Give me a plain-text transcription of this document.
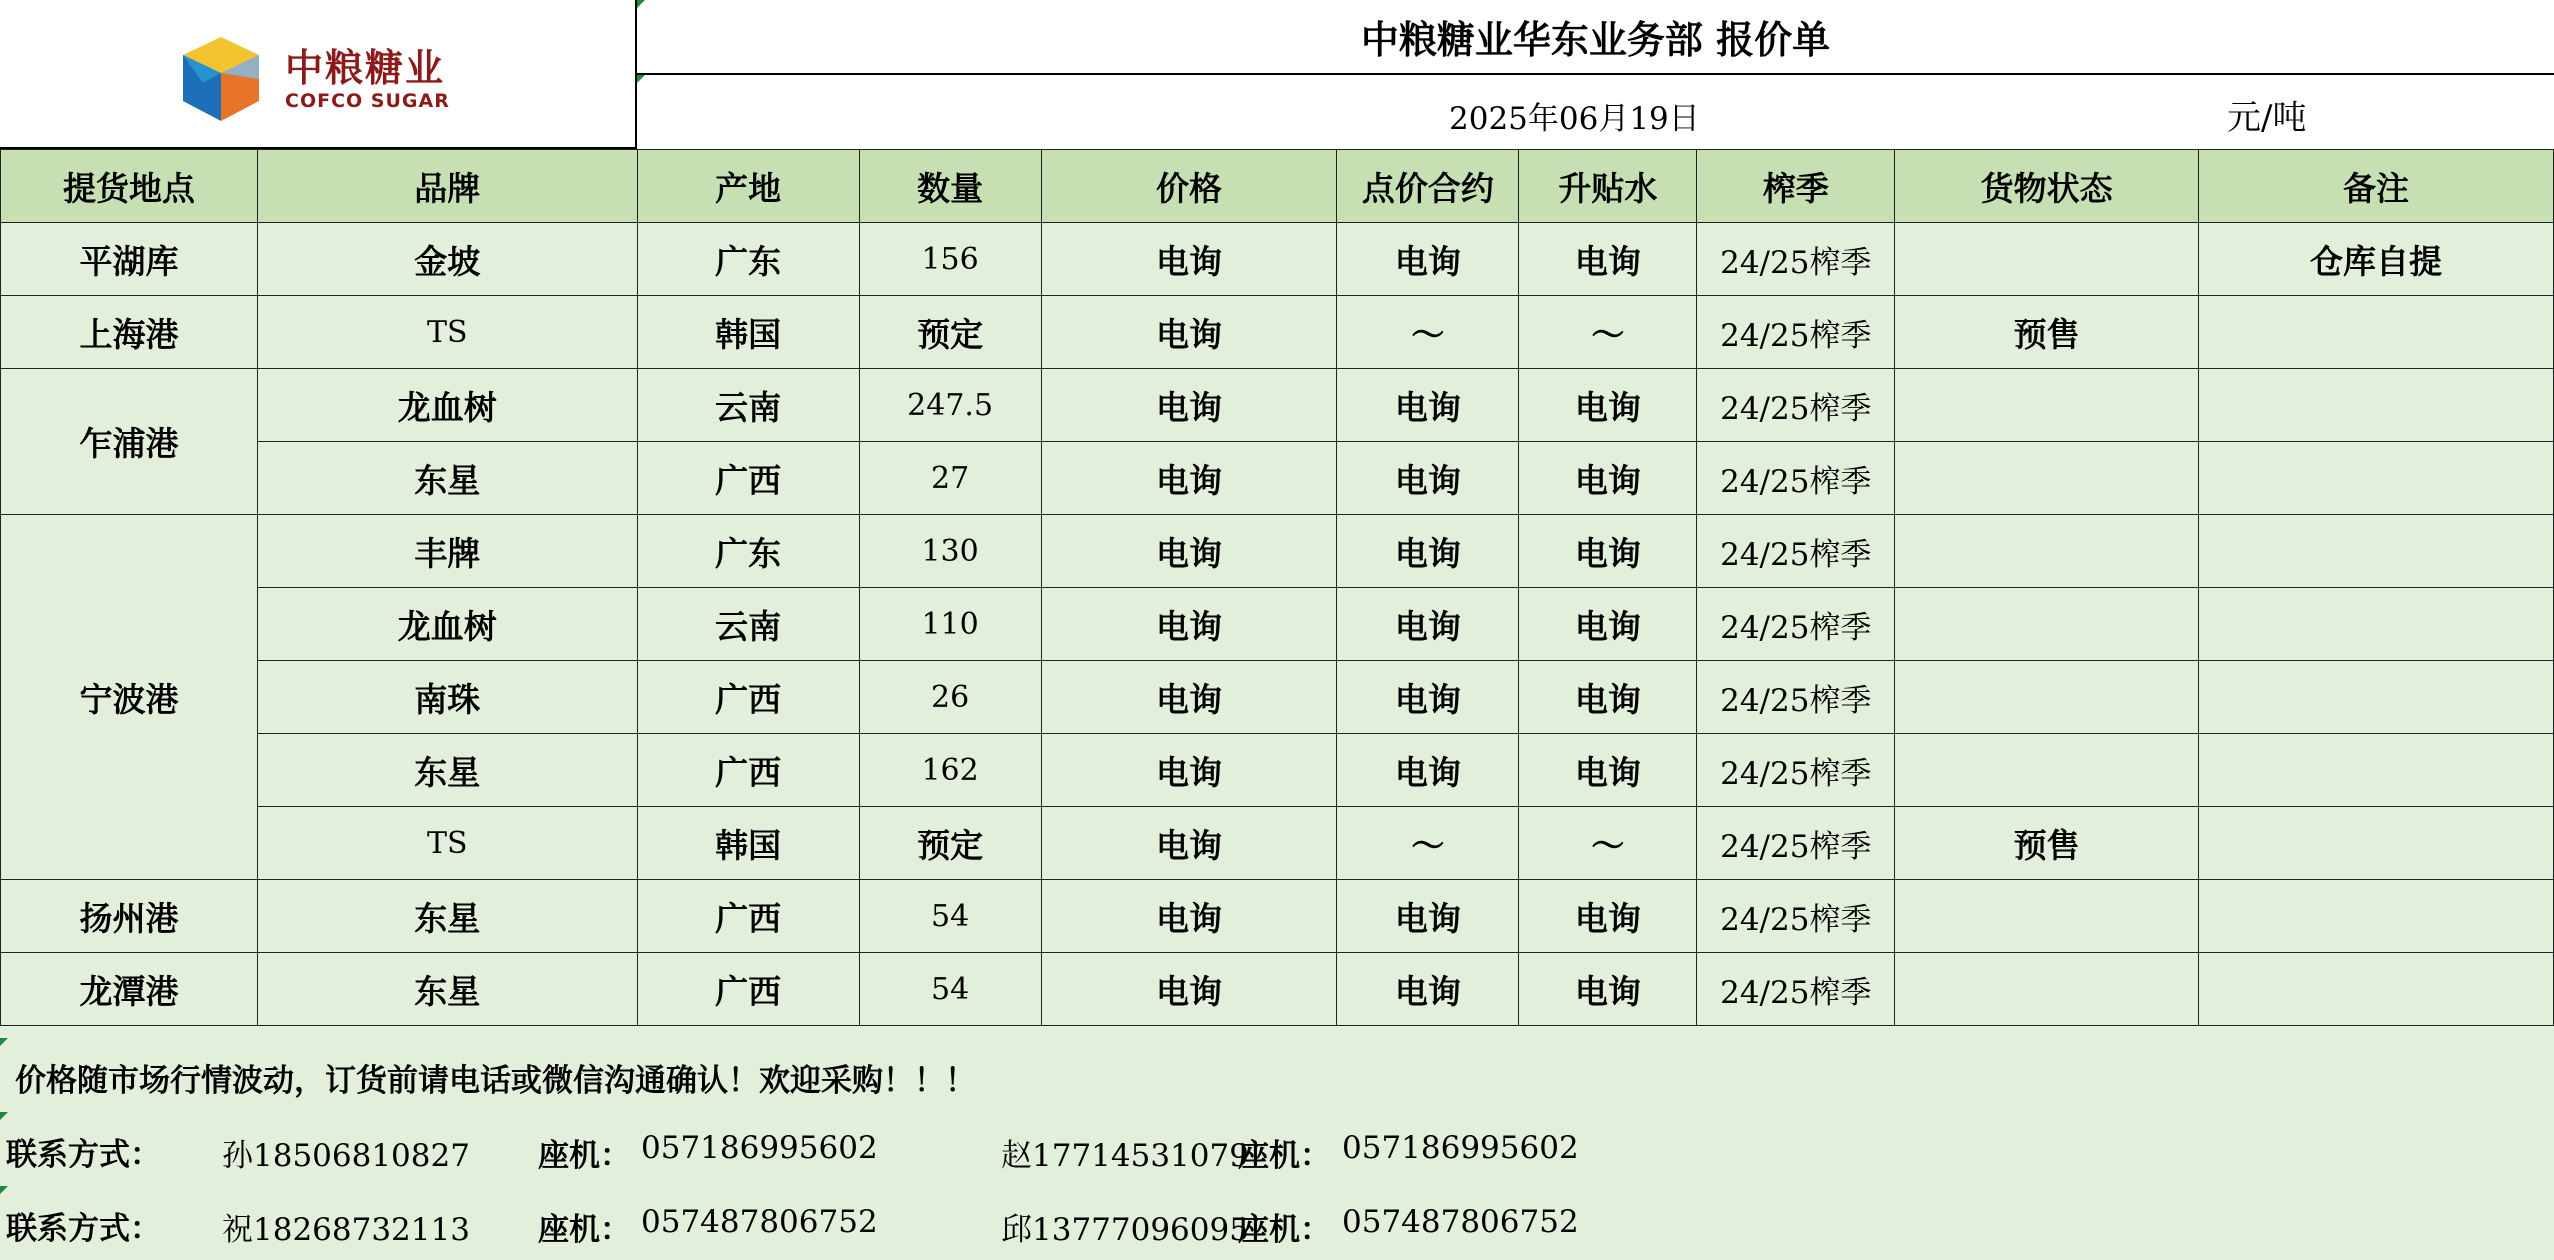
中粮糖业
COFCO SUGAR
中粮糖业华东业务部 报价单
2025年06月19日	元/吨
提货地点	品牌	产地	数量	价格	点价合约	升贴水	榨季	货物状态	备注
平湖库	金坡	广东	156	电询	电询	电询	24/25榨季		仓库自提
上海港	TS	韩国	预定	电询	～	～	24/25榨季	预售	
乍浦港	龙血树	云南	247.5	电询	电询	电询	24/25榨季		
	东星	广西	27	电询	电询	电询	24/25榨季		
宁波港	丰牌	广东	130	电询	电询	电询	24/25榨季		
	龙血树	云南	110	电询	电询	电询	24/25榨季		
	南珠	广西	26	电询	电询	电询	24/25榨季		
	东星	广西	162	电询	电询	电询	24/25榨季		
	TS	韩国	预定	电询	～	～	24/25榨季	预售	
扬州港	东星	广西	54	电询	电询	电询	24/25榨季		
龙潭港	东星	广西	54	电询	电询	电询	24/25榨季		
价格随市场行情波动，订货前请电话或微信沟通确认！欢迎采购！！！
联系方式： 孙18506810827 座机： 057186995602	赵17714531079
座机： 057186995602
联系方式： 祝18268732113 座机： 057487806752	邱13777096095
座机： 057487806752
